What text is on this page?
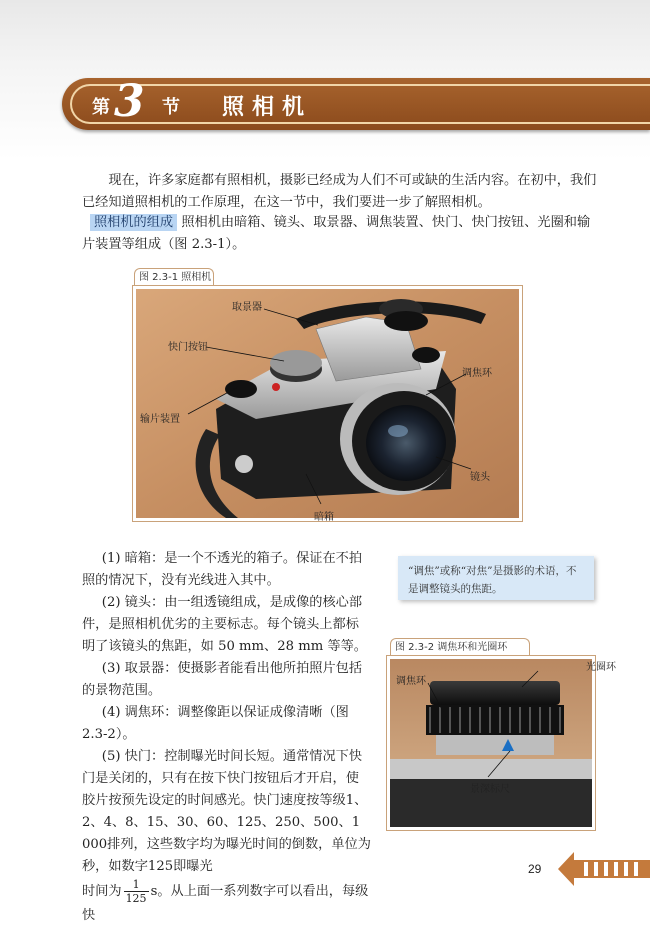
第 3 节 照相机

现在，许多家庭都有照相机，摄影已经成为人们不可或缺的生活内容。在初中，我们已经知道照相机的工作原理，在这一节中，我们要进一步了解照相机。

照相机的组成 照相机由暗箱、镜头、取景器、调焦装置、快门、快门按钮、光圈和输片装置等组成（图 2.3-1）。

图 2.3-1 照相机
取景器
快门按钮
调焦环
输片装置
镜头
暗箱
“调焦”或称“对焦”是摄影的术语，不是调整镜头的焦距。

(1) 暗箱：是一个不透光的箱子。保证在不拍照的情况下，没有光线进入其中。

(2) 镜头：由一组透镜组成，是成像的核心部件，是照相机优劣的主要标志。每个镜头上都标明了该镜头的焦距，如 50 mm、28 mm 等等。

(3) 取景器：使摄影者能看出他所拍照片包括的景物范围。

(4) 调焦环：调整像距以保证成像清晰（图2.3-2）。

(5) 快门：控制曝光时间长短。通常情况下快门是关闭的，只有在按下快门按钮后才开启，使胶片按预先设定的时间感光。快门速度按等级1、2、4、8、15、30、60、125、250、500、1 000排列，这些数字均为曝光时间的倒数，单位为秒，如数字125即曝光

时间为 $\frac{1}{125}$ s。从上面一系列数字可以看出，每级快

图 2.3-2 调焦环和光圈环
光圈环
调焦环
景深标尺
29
